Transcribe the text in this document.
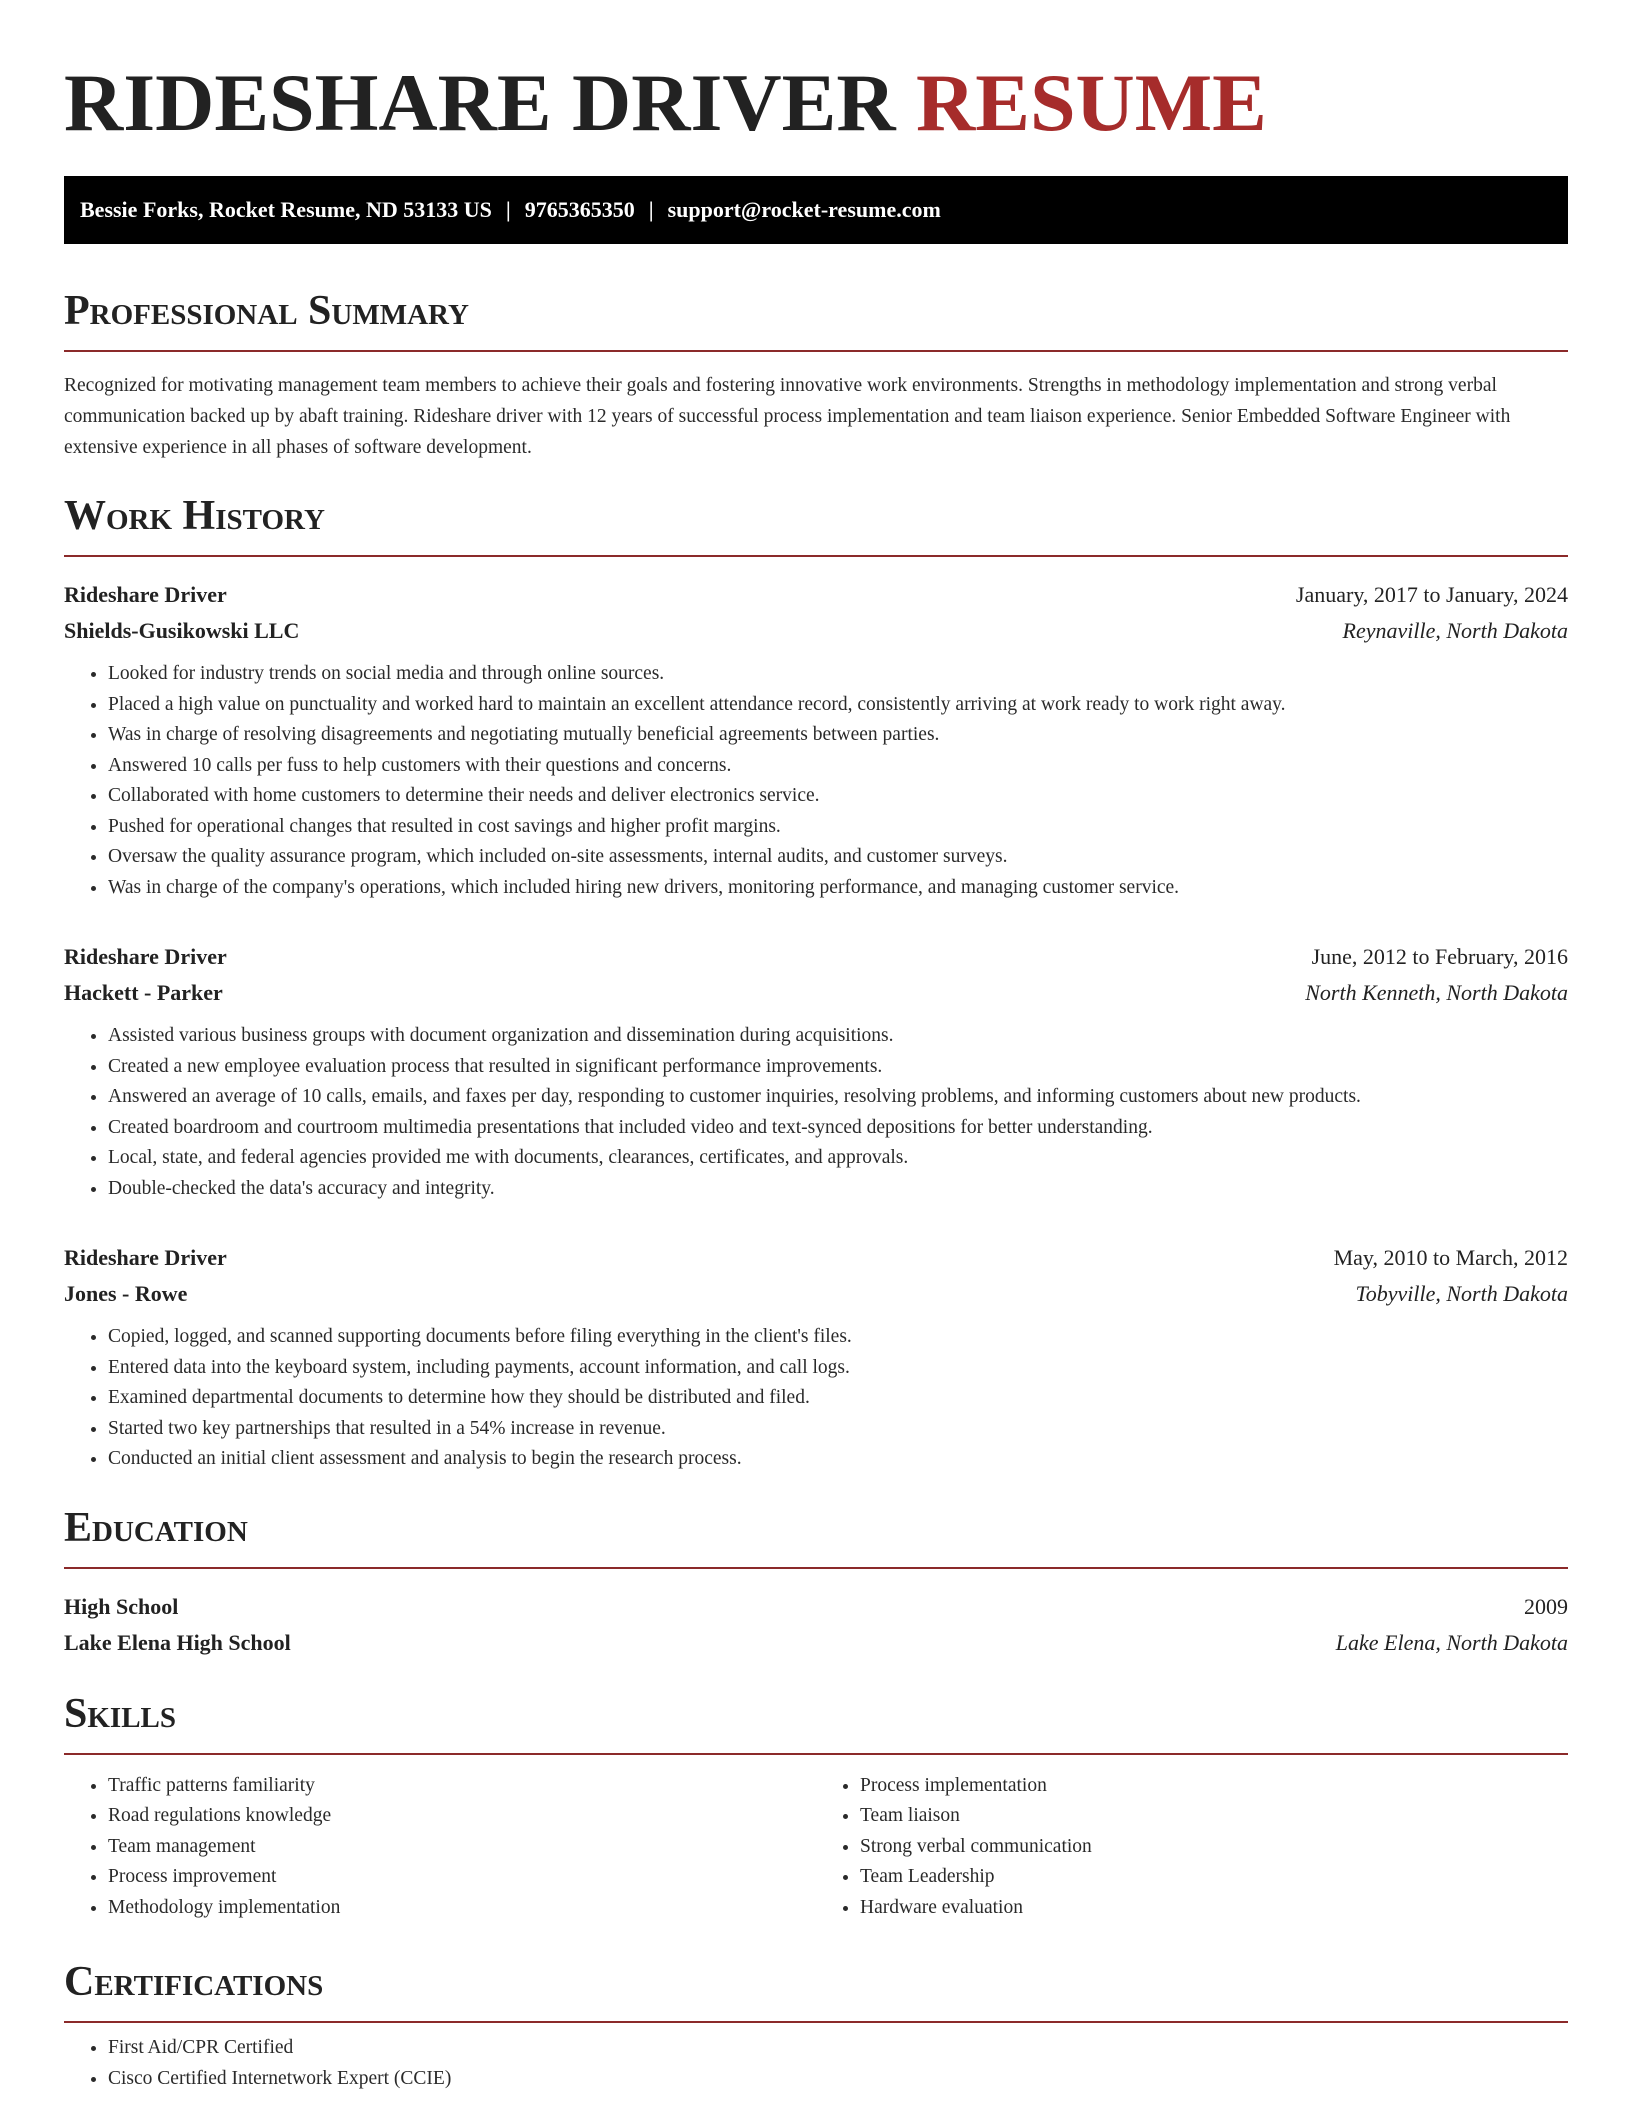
RIDESHARE DRIVER RESUME
Bessie Forks, Rocket Resume, ND 53133 US | 9765365350 | support@rocket-resume.com
Professional Summary

Recognized for motivating management team members to achieve their goals and fostering innovative work environments. Strengths in methodology implementation and strong verbal communication backed up by abaft training. Rideshare driver with 12 years of successful process implementation and team liaison experience. Senior Embedded Software Engineer with extensive experience in all phases of software development.

Work History
Rideshare Driver	January, 2017 to January, 2024
Shields-Gusikowski LLC	Reynaville, North Dakota
• Looked for industry trends on social media and through online sources.
• Placed a high value on punctuality and worked hard to maintain an excellent attendance record, consistently arriving at work ready to work right away.
• Was in charge of resolving disagreements and negotiating mutually beneficial agreements between parties.
• Answered 10 calls per fuss to help customers with their questions and concerns.
• Collaborated with home customers to determine their needs and deliver electronics service.
• Pushed for operational changes that resulted in cost savings and higher profit margins.
• Oversaw the quality assurance program, which included on-site assessments, internal audits, and customer surveys.
• Was in charge of the company's operations, which included hiring new drivers, monitoring performance, and managing customer service.
Rideshare Driver	June, 2012 to February, 2016
Hackett - Parker	North Kenneth, North Dakota
• Assisted various business groups with document organization and dissemination during acquisitions.
• Created a new employee evaluation process that resulted in significant performance improvements.
• Answered an average of 10 calls, emails, and faxes per day, responding to customer inquiries, resolving problems, and informing customers about new products.
• Created boardroom and courtroom multimedia presentations that included video and text-synced depositions for better understanding.
• Local, state, and federal agencies provided me with documents, clearances, certificates, and approvals.
• Double-checked the data's accuracy and integrity.
Rideshare Driver	May, 2010 to March, 2012
Jones - Rowe	Tobyville, North Dakota
• Copied, logged, and scanned supporting documents before filing everything in the client's files.
• Entered data into the keyboard system, including payments, account information, and call logs.
• Examined departmental documents to determine how they should be distributed and filed.
• Started two key partnerships that resulted in a 54% increase in revenue.
• Conducted an initial client assessment and analysis to begin the research process.
Education
High School	2009
Lake Elena High School	Lake Elena, North Dakota
Skills
• Traffic patterns familiarity
• Road regulations knowledge
• Team management
• Process improvement
• Methodology implementation
• Process implementation
• Team liaison
• Strong verbal communication
• Team Leadership
• Hardware evaluation
Certifications
• First Aid/CPR Certified
• Cisco Certified Internetwork Expert (CCIE)
